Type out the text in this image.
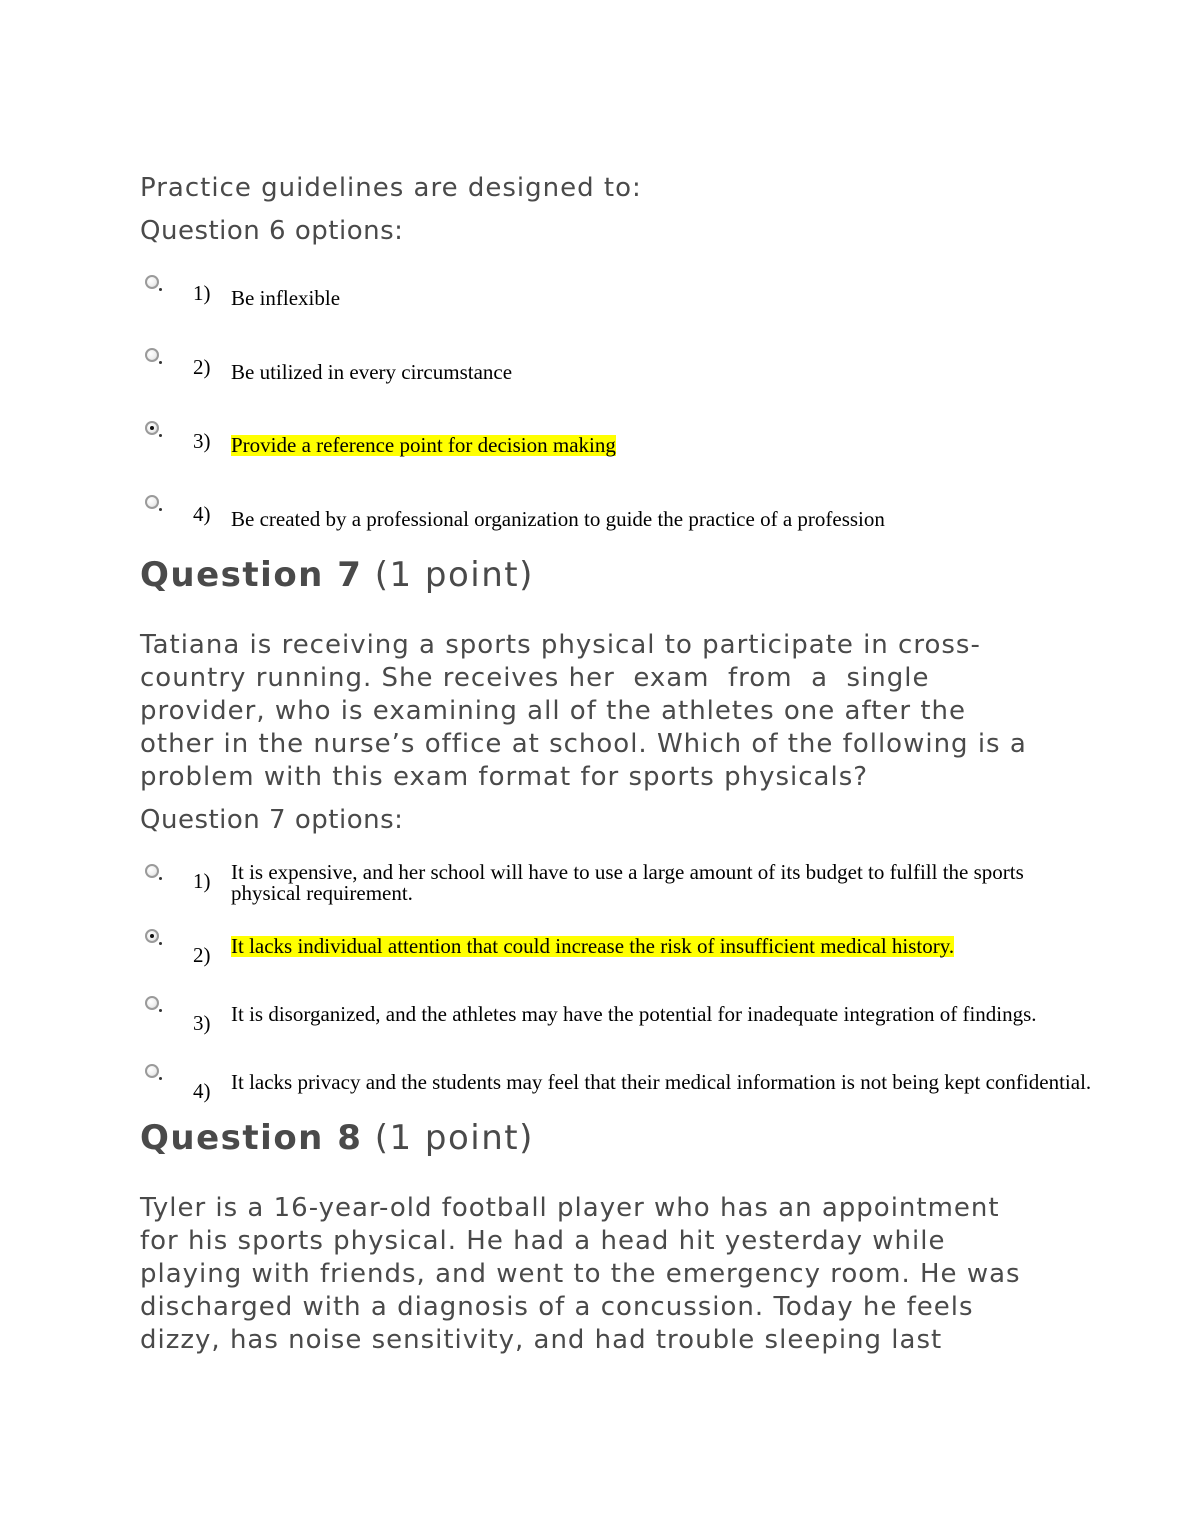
Practice guidelines are designed to:
Question 6 options:
1) Be inflexible
2) Be utilized in every circumstance
3) Provide a reference point for decision making
4) Be created by a professional organization to guide the practice of a profession
Question 7 (1 point)
Tatiana is receiving a sports physical to participate in cross-
country running. She receives her  exam  from  a  single
provider, who is examining all of the athletes one after the
other in the nurse’s office at school. Which of the following is a
problem with this exam format for sports physicals?
Question 7 options:
1) It is expensive, and her school will have to use a large amount of its budget to fulfill the sports
physical requirement.
2) It lacks individual attention that could increase the risk of insufficient medical history.
3) It is disorganized, and the athletes may have the potential for inadequate integration of findings.
4) It lacks privacy and the students may feel that their medical information is not being kept confidential.
Question 8 (1 point)
Tyler is a 16-year-old football player who has an appointment
for his sports physical. He had a head hit yesterday while
playing with friends, and went to the emergency room. He was
discharged with a diagnosis of a concussion. Today he feels
dizzy, has noise sensitivity, and had trouble sleeping last
